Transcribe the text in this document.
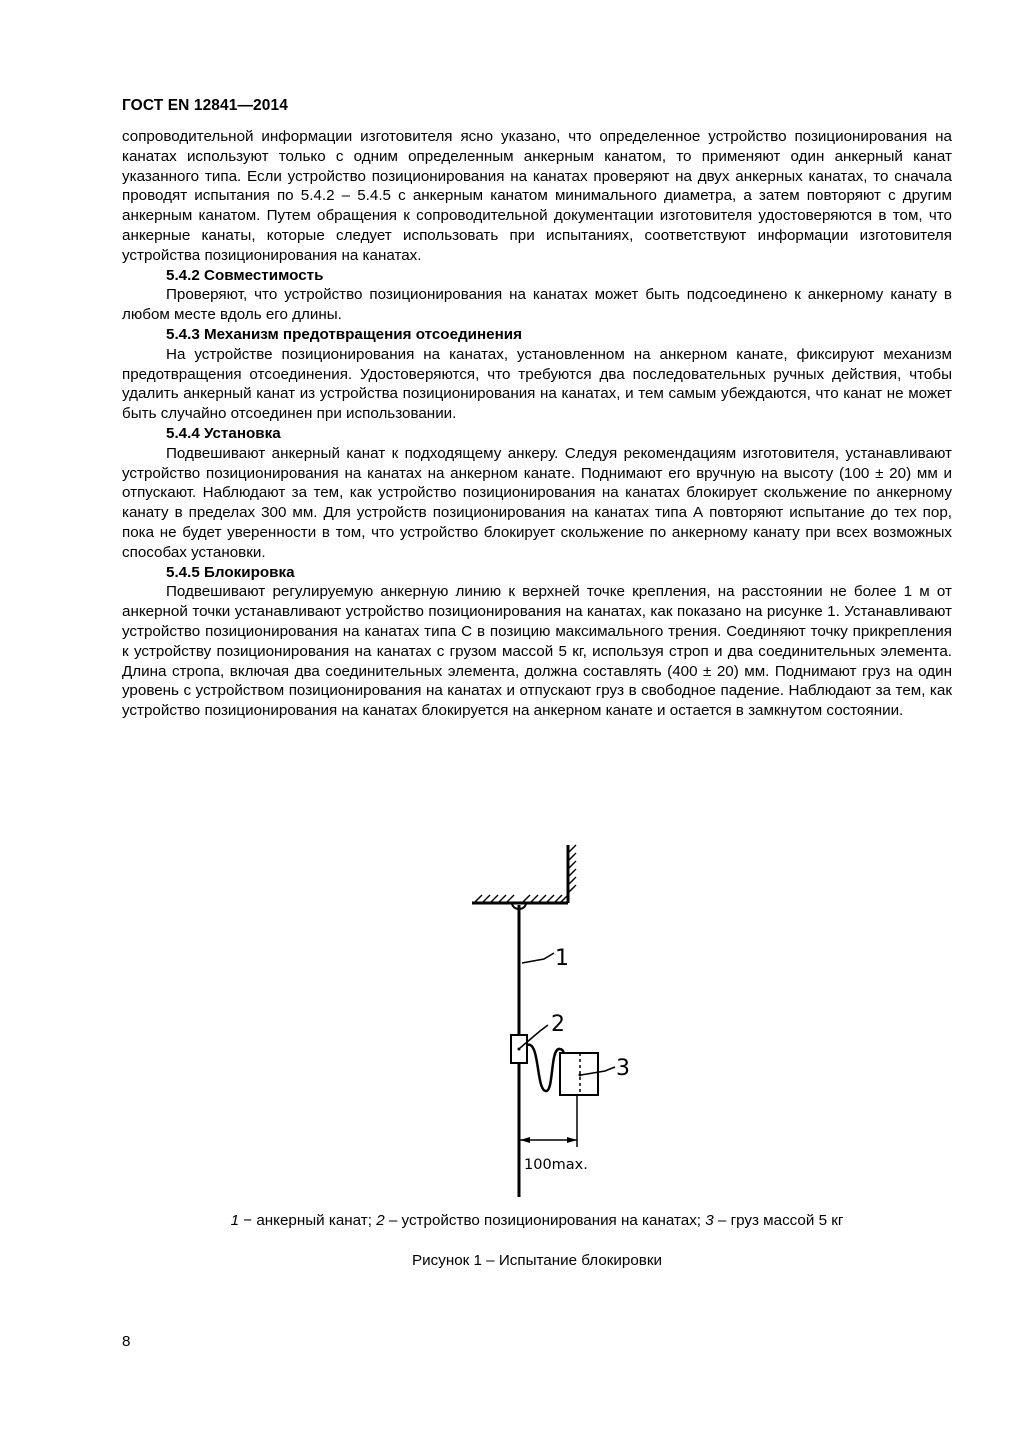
ГОСТ EN 12841—2014

сопроводительной информации изготовителя ясно указано, что определенное устройство позиционирования на канатах используют только с одним определенным анкерным канатом, то применяют один анкерный канат указанного типа. Если устройство позиционирования на канатах проверяют на двух анкерных канатах, то сначала проводят испытания по 5.4.2 – 5.4.5 с анкерным канатом минимального диаметра, а затем повторяют с другим анкерным канатом. Путем обращения к сопроводительной документации изготовителя удостоверяются в том, что анкерные канаты, которые следует использовать при испытаниях, соответствуют информации изготовителя устройства позиционирования на канатах.

5.4.2 Совместимость

Проверяют, что устройство позиционирования на канатах может быть подсоединено к анкерному канату в любом месте вдоль его длины.

5.4.3 Механизм предотвращения отсоединения

На устройстве позиционирования на канатах, установленном на анкерном канате, фиксируют механизм предотвращения отсоединения. Удостоверяются, что требуются два последовательных ручных действия, чтобы удалить анкерный канат из устройства позиционирования на канатах, и тем самым убеждаются, что канат не может быть случайно отсоединен при использовании.

5.4.4 Установка

Подвешивают анкерный канат к подходящему анкеру. Следуя рекомендациям изготовителя, устанавливают устройство позиционирования на канатах на анкерном канате. Поднимают его вручную на высоту (100 ± 20) мм и отпускают. Наблюдают за тем, как устройство позиционирования на канатах блокирует скольжение по анкерному канату в пределах 300 мм. Для устройств позиционирования на канатах типа А повторяют испытание до тех пор, пока не будет уверенности в том, что устройство блокирует скольжение по анкерному канату при всех возможных способах установки.

5.4.5 Блокировка

Подвешивают регулируемую анкерную линию к верхней точке крепления, на расстоянии не более 1 м от анкерной точки устанавливают устройство позиционирования на канатах, как показано на рисунке 1. Устанавливают устройство позиционирования на канатах типа С в позицию максимального трения. Соединяют точку прикрепления к устройству позиционирования на канатах с грузом массой 5 кг, используя строп и два соединительных элемента. Длина стропа, включая два соединительных элемента, должна составлять (400 ± 20) мм. Поднимают груз на один уровень с устройством позиционирования на канатах и отпускают груз в свободное падение. Наблюдают за тем, как устройство позиционирования на канатах блокируется на анкерном канате и остается в замкнутом состоянии.

1
2
3
100max.
1 − анкерный канат; 2 – устройство позиционирования на канатах; 3 – груз массой 5 кг
Рисунок 1 – Испытание блокировки
8
